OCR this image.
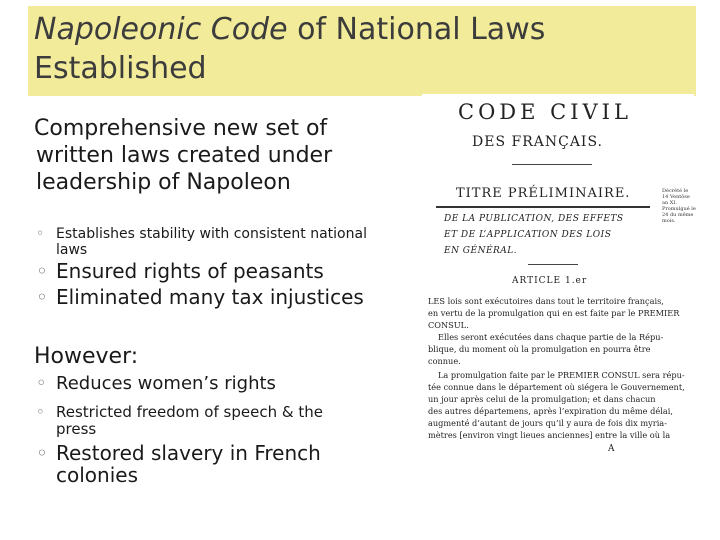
Napoleonic Code of National Laws
Established
Comprehensive new set of
written laws created under
leadership of Napoleon
◦ Establishes stability with consistent national
laws
◦ Ensured rights of peasants
◦ Eliminated many tax injustices
However:
◦ Reduces women’s rights
◦ Restricted freedom of speech & the
press
◦ Restored slavery in French
colonies
CODE CIVIL
DES FRANÇAIS.
TITRE PRÉLIMINAIRE.	Décrété le 14 Ventôse an XI. Promulgué le 24 du même mois.
DE LA PUBLICATION, DES EFFETS
ET DE L’APPLICATION DES LOIS
EN GÉNÉRAL.
ARTICLE 1.er
LES lois sont exécutoires dans tout le territoire français,
en vertu de la promulgation qui en est faite par le PREMIER
CONSUL.
Elles seront exécutées dans chaque partie de la Répu-
blique, du moment où la promulgation en pourra être
connue.
La promulgation faite par le PREMIER CONSUL sera répu-
tée connue dans le département où siégera le Gouvernement,
un jour après celui de la promulgation; et dans chacun
des autres départemens, après l’expiration du même délai,
augmenté d’autant de jours qu’il y aura de fois dix myria-
mètres [environ vingt lieues anciennes] entre la ville où la
A
